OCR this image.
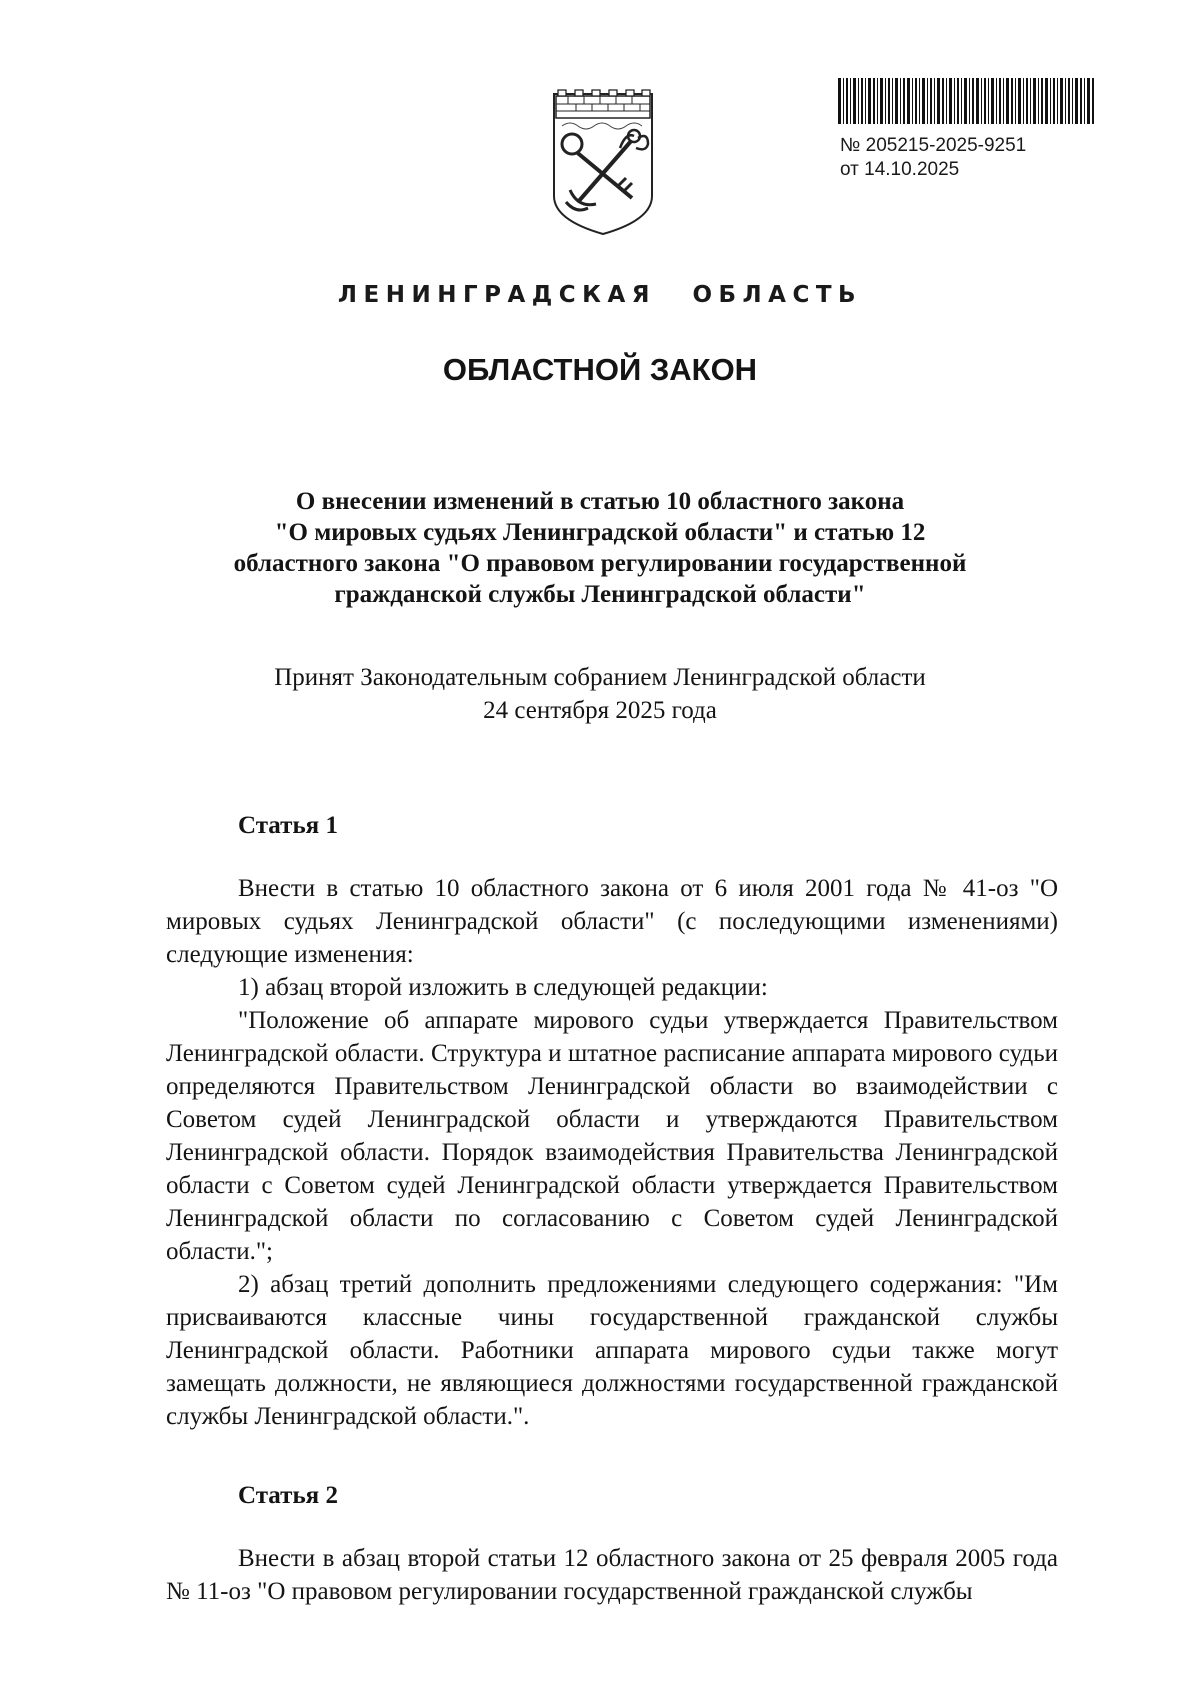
№ 205215-2025-9251
от 14.10.2025
ЛЕНИНГРАДСКАЯ ОБЛАСТЬ
ОБЛАСТНОЙ ЗАКОН
О внесении изменений в статью 10 областного закона
"О мировых судьях Ленинградской области" и статью 12
областного закона "О правовом регулировании государственной
гражданской службы Ленинградской области"
Принят Законодательным собранием Ленинградской области
24 сентября 2025 года
Статья 1

Внести в статью 10 областного закона от 6 июля 2001 года № 41-оз "О мировых судьях Ленинградской области" (с последующими изменениями) следующие изменения:

1) абзац второй изложить в следующей редакции:

"Положение об аппарате мирового судьи утверждается Правительством Ленинградской области. Структура и штатное расписание аппарата мирового судьи определяются Правительством Ленинградской области во взаимодействии с Советом судей Ленинградской области и утверждаются Правительством Ленинградской области. Порядок взаимодействия Правительства Ленинградской области с Советом судей Ленинградской области утверждается Правительством Ленинградской области по согласованию с Советом судей Ленинградской области.";

2) абзац третий дополнить предложениями следующего содержания: "Им присваиваются классные чины государственной гражданской службы Ленинградской области. Работники аппарата мирового судьи также могут замещать должности, не являющиеся должностями государственной гражданской службы Ленинградской области.".

Статья 2

Внести в абзац второй статьи 12 областного закона от 25 февраля 2005 года № 11-оз "О правовом регулировании государственной гражданской службы
